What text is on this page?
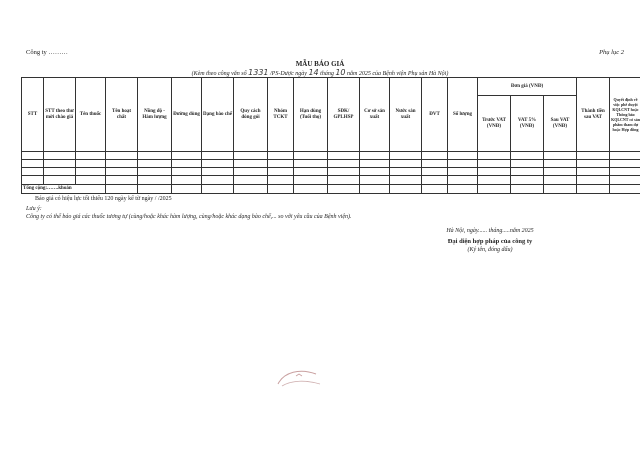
Công ty ………	Phụ lục 2
MẪU BÁO GIÁ
(Kèm theo công văn số 1331 /PS-Dược ngày 14 tháng 10 năm 2025 của Bệnh viện Phụ sản Hà Nội)
STT	STT theo thư mời chào giá	Tên thuốc	Tên hoạt chất	Nồng độ - Hàm lượng	Đường dùng	Dạng bào chế	Quy cách đóng gói	Nhóm TCKT	Hạn dùng (Tuổi thọ)	SĐK/ GPLHSP	Cơ sở sản xuất	Nước sản xuất	ĐVT	Số lượng	Đơn giá (VNĐ)			Thành tiền sau VAT	Quyết định về việc phê duyệt KQLCNT hoặc Thông báo KQLCNT có sản phẩm tham dự hoặc Hợp đồng
															Trước VAT (VNĐ)	VAT 5% (VNĐ)	Sau VAT (VNĐ)		

Tổng cộng:…….khoản																			
Báo giá có hiệu lực tối thiểu 120 ngày kể từ ngày / /2025
Lưu ý:
Công ty có thể báo giá các thuốc tương tự (cùng/hoặc khác hàm lượng, cùng/hoặc khác dạng bào chế,... so với yêu cầu của Bệnh viện).
Hà Nội, ngày...... tháng.....năm 2025
Đại diện hợp pháp của công ty
(Ký tên, đóng dấu)
